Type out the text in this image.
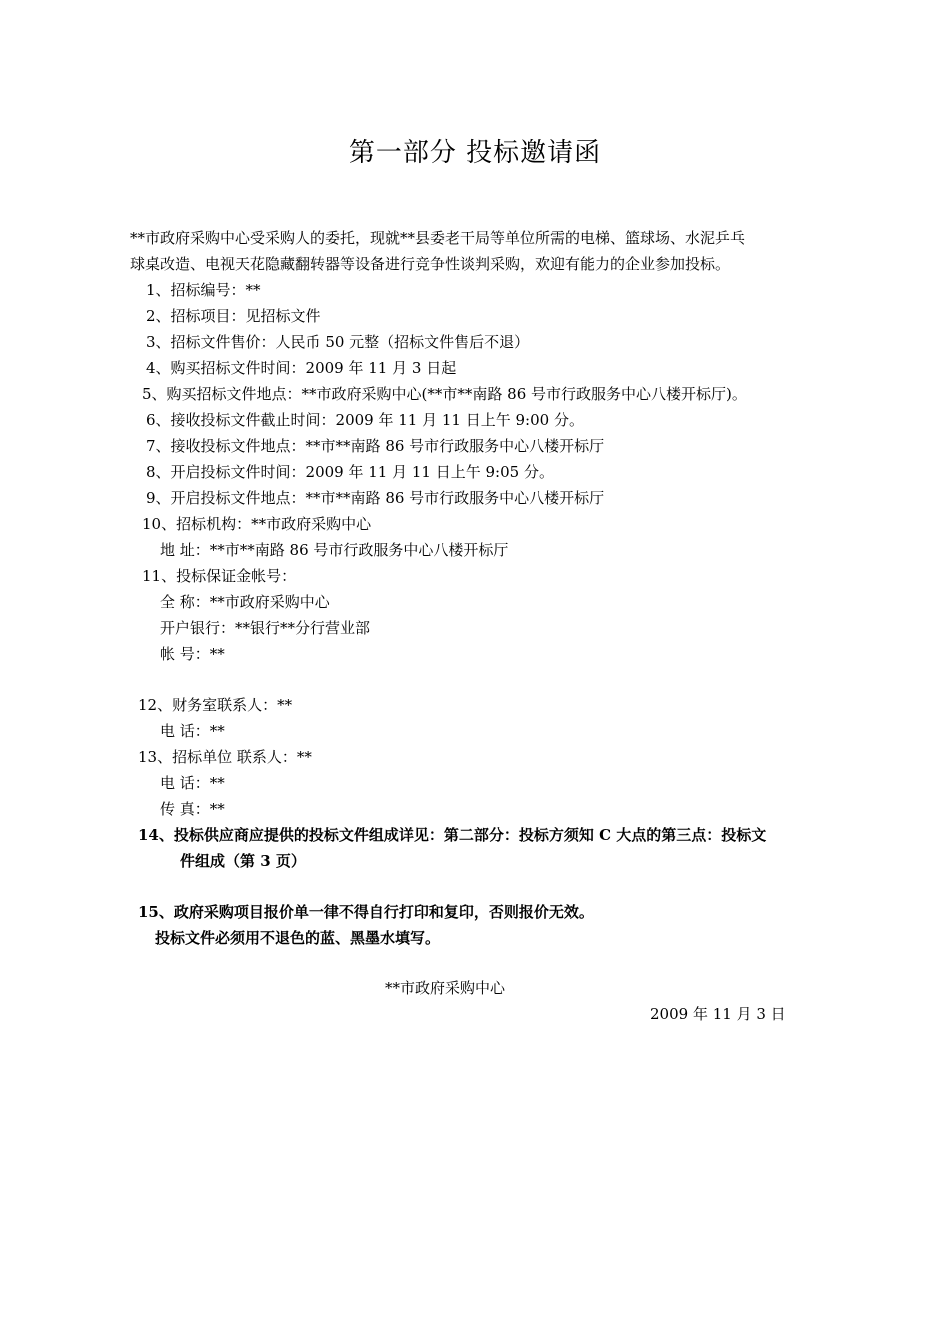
第一部分 投标邀请函
**市政府采购中心受采购人的委托，现就**县委老干局等单位所需的电梯、篮球场、水泥乒乓
球桌改造、电视天花隐藏翻转器等设备进行竞争性谈判采购，欢迎有能力的企业参加投标。
1、招标编号：**
2、招标项目：见招标文件
3、招标文件售价：人民币 50 元整（招标文件售后不退）
4、购买招标文件时间：2009 年 11 月 3 日起
5、购买招标文件地点：**市政府采购中心(**市**南路 86 号市行政服务中心八楼开标厅)。
6、接收投标文件截止时间：2009 年 11 月 11 日上午 9:00 分。
7、接收投标文件地点：**市**南路 86 号市行政服务中心八楼开标厅
8、开启投标文件时间：2009 年 11 月 11 日上午 9:05 分。
9、开启投标文件地点：**市**南路 86 号市行政服务中心八楼开标厅
10、招标机构：**市政府采购中心
地 址：**市**南路 86 号市行政服务中心八楼开标厅
11、投标保证金帐号：
全 称：**市政府采购中心
开户银行：**银行**分行营业部
帐 号：**
12、财务室联系人：**
电 话：**
13、招标单位 联系人：**
电 话：**
传 真：**
14、投标供应商应提供的投标文件组成详见：第二部分：投标方须知 C 大点的第三点：投标文
件组成（第 3 页）
15、政府采购项目报价单一律不得自行打印和复印，否则报价无效。
投标文件必须用不退色的蓝、黑墨水填写。
**市政府采购中心
2009 年 11 月 3 日
